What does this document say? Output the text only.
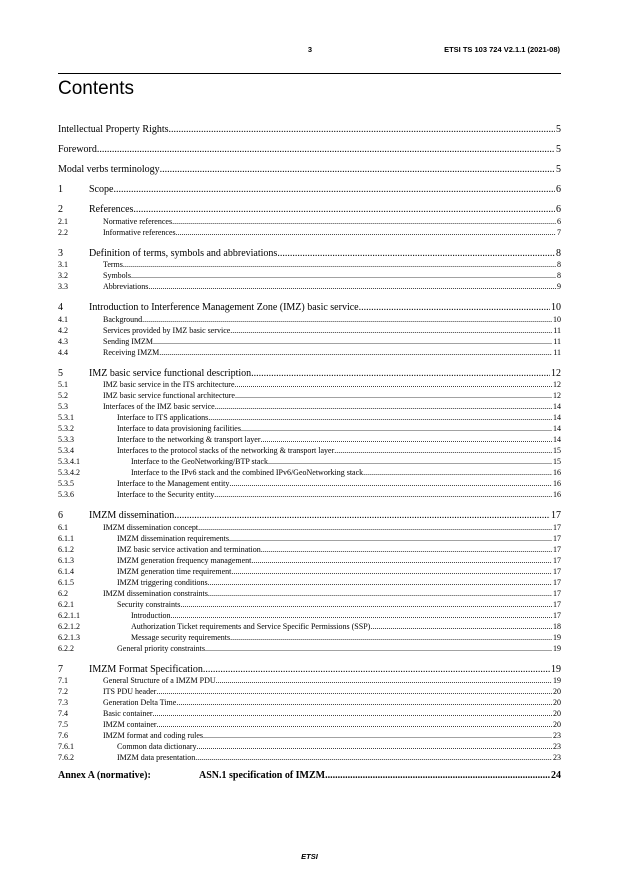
3	ETSI TS 103 724 V2.1.1 (2021-08)
Contents
Intellectual Property Rights .....	5
Foreword .....	5
Modal verbs terminology .....	5
1	Scope .....	6
2	References .....	6
2.1	Normative references .....	6
2.2	Informative references .....	7
3	Definition of terms, symbols and abbreviations .....	8
3.1	Terms .....	8
3.2	Symbols .....	8
3.3	Abbreviations .....	9
4	Introduction to Interference Management Zone (IMZ) basic service .....	10
4.1	Background .....	10
4.2	Services provided by IMZ basic service .....	11
4.3	Sending IMZM .....	11
4.4	Receiving IMZM .....	11
5	IMZ basic service functional description .....	12
5.1	IMZ basic service in the ITS architecture .....	12
5.2	IMZ basic service functional architecture .....	12
5.3	Interfaces of the IMZ basic service .....	14
5.3.1	Interface to ITS applications .....	14
5.3.2	Interface to data provisioning facilities .....	14
5.3.3	Interface to the networking & transport layer .....	14
5.3.4	Interfaces to the protocol stacks of the networking & transport layer .....	15
5.3.4.1	Interface to the GeoNetworking/BTP stack .....	15
5.3.4.2	Interface to the IPv6 stack and the combined IPv6/GeoNetworking stack .....	16
5.3.5	Interface to the Management entity .....	16
5.3.6	Interface to the Security entity .....	16
6	IMZM dissemination .....	17
6.1	IMZM dissemination concept .....	17
6.1.1	IMZM dissemination requirements .....	17
6.1.2	IMZ basic service activation and termination .....	17
6.1.3	IMZM generation frequency management .....	17
6.1.4	IMZM generation time requirement .....	17
6.1.5	IMZM triggering conditions .....	17
6.2	IMZM dissemination constraints .....	17
6.2.1	Security constraints .....	17
6.2.1.1	Introduction .....	17
6.2.1.2	Authorization Ticket requirements and Service Specific Permissions (SSP) .....	18
6.2.1.3	Message security requirements .....	19
6.2.2	General priority constraints .....	19
7	IMZM Format Specification .....	19
7.1	General Structure of a IMZM PDU .....	19
7.2	ITS PDU header .....	20
7.3	Generation Delta Time .....	20
7.4	Basic container .....	20
7.5	IMZM container .....	20
7.6	IMZM format and coding rules .....	23
7.6.1	Common data dictionary .....	23
7.6.2	IMZM data presentation .....	23
Annex A (normative):	ASN.1 specification of IMZM .....	24
ETSI
